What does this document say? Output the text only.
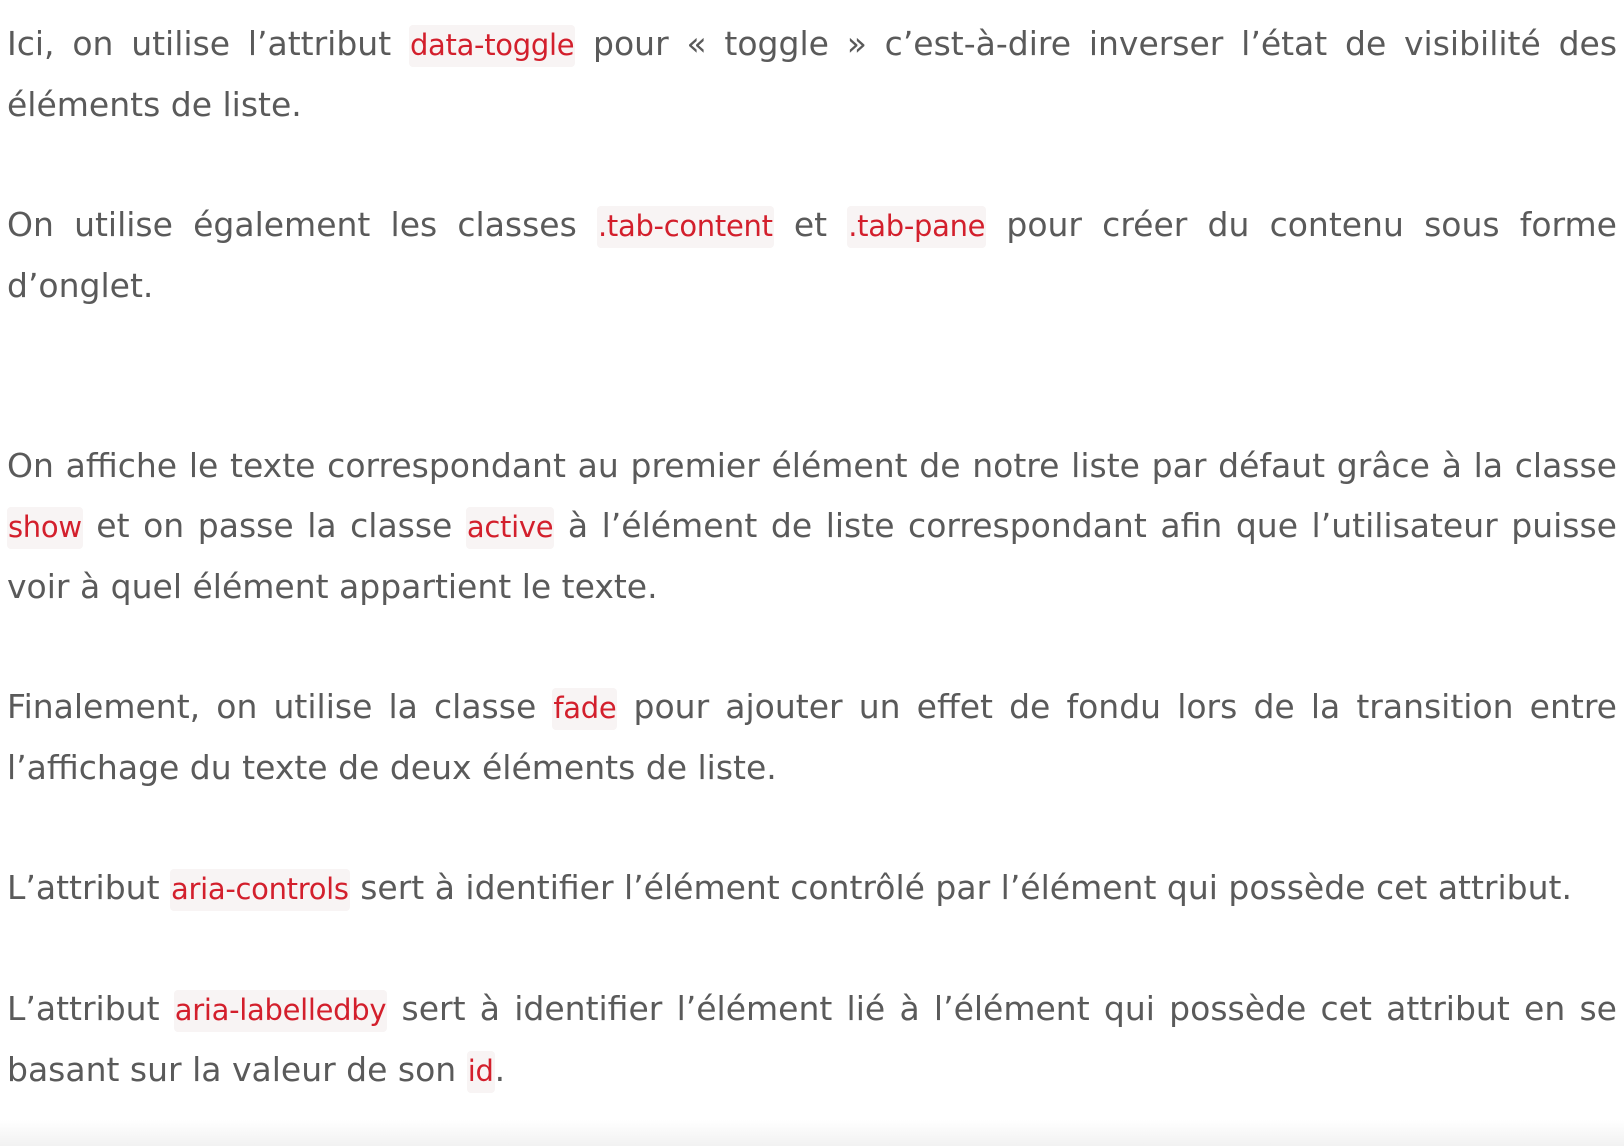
Ici, on utilise l’attribut data-toggle pour « toggle » c’est-à-dire inverser l’état de visibilité des éléments de liste.

On utilise également les classes .tab-content et .tab-pane pour créer du contenu sous forme d’onglet.

On affiche le texte correspondant au premier élément de notre liste par défaut grâce à la classe show et on passe la classe active à l’élément de liste correspondant afin que l’utilisateur puisse voir à quel élément appartient le texte.

Finalement, on utilise la classe fade pour ajouter un effet de fondu lors de la transition entre l’affichage du texte de deux éléments de liste.

L’attribut aria-controls sert à identifier l’élément contrôlé par l’élément qui possède cet attribut.

L’attribut aria-labelledby sert à identifier l’élément lié à l’élément qui possède cet attribut en se basant sur la valeur de son id.
